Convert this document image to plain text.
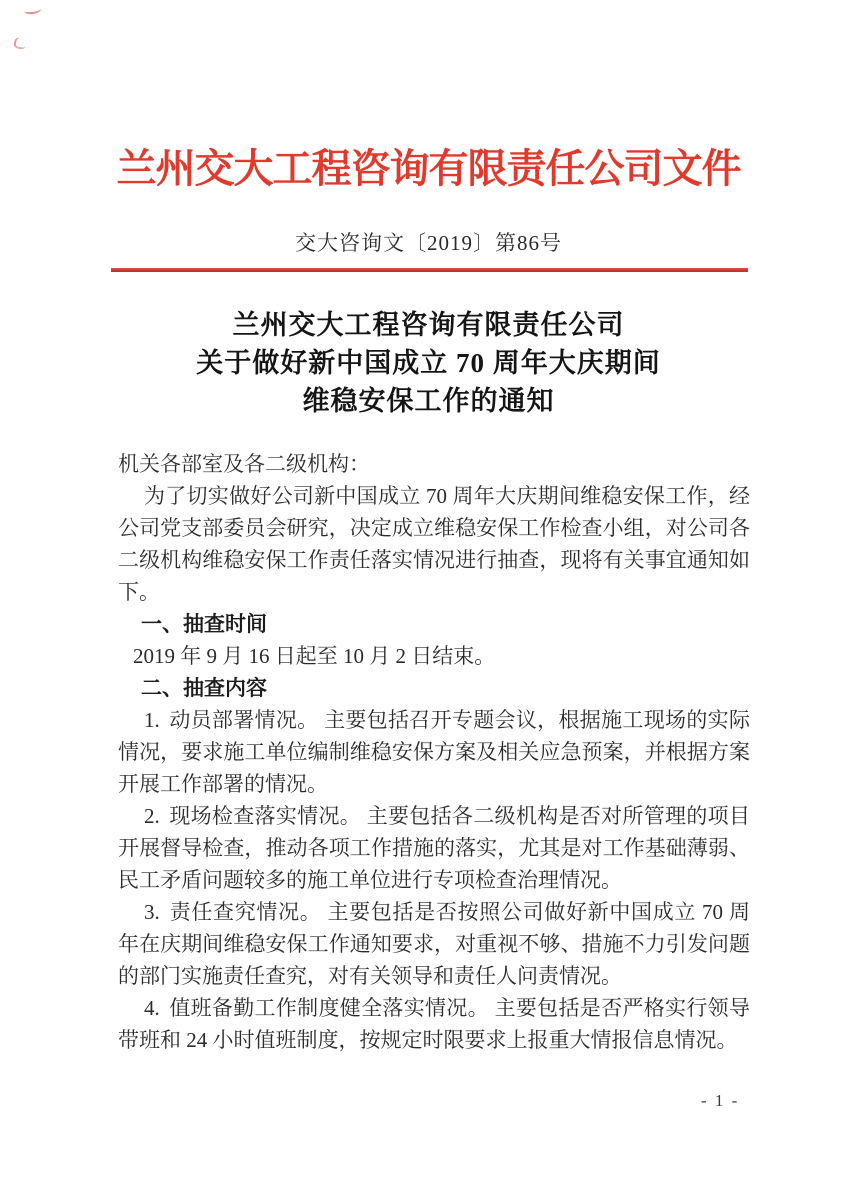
兰州交大工程咨询有限责任公司文件
交大咨询文〔2019〕第86号
兰州交大工程咨询有限责任公司
关于做好新中国成立 70 周年大庆期间
维稳安保工作的通知

机关各部室及各二级机构：

为了切实做好公司新中国成立 70 周年大庆期间维稳安保工作，经公司党支部委员会研究，决定成立维稳安保工作检查小组，对公司各二级机构维稳安保工作责任落实情况进行抽查，现将有关事宜通知如下。

一、抽查时间

2019 年 9 月 16 日起至 10 月 2 日结束。

二、抽查内容

1. 动员部署情况。 主要包括召开专题会议，根据施工现场的实际情况，要求施工单位编制维稳安保方案及相关应急预案，并根据方案开展工作部署的情况。

2. 现场检查落实情况。 主要包括各二级机构是否对所管理的项目开展督导检查，推动各项工作措施的落实，尤其是对工作基础薄弱、民工矛盾问题较多的施工单位进行专项检查治理情况。

3. 责任查究情况。 主要包括是否按照公司做好新中国成立 70 周年在庆期间维稳安保工作通知要求，对重视不够、措施不力引发问题的部门实施责任查究，对有关领导和责任人问责情况。

4. 值班备勤工作制度健全落实情况。 主要包括是否严格实行领导带班和 24 小时值班制度，按规定时限要求上报重大情报信息情况。

- 1 -
